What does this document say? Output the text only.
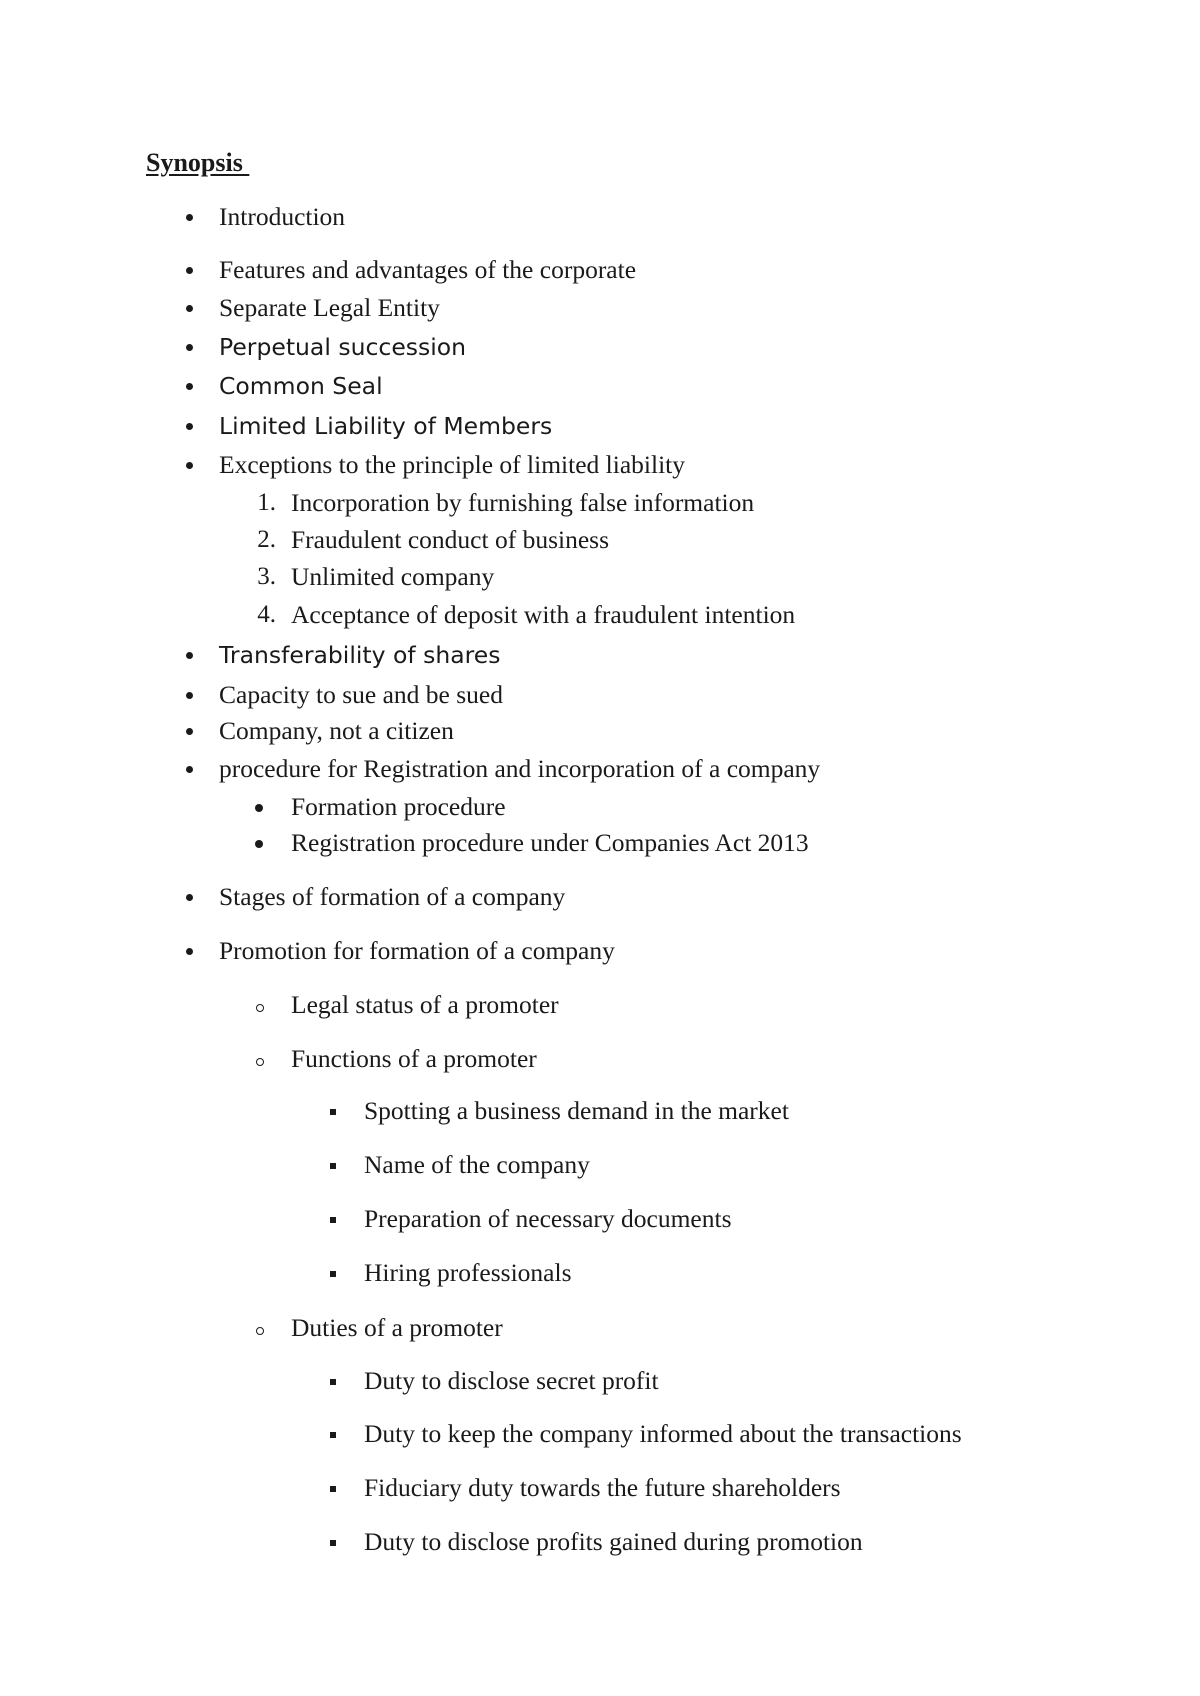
Synopsis
Introduction
Features and advantages of the corporate
Separate Legal Entity
Perpetual succession
Common Seal
Limited Liability of Members
Exceptions to the principle of limited liability
1. Incorporation by furnishing false information
2. Fraudulent conduct of business
3. Unlimited company
4. Acceptance of deposit with a fraudulent intention
Transferability of shares
Capacity to sue and be sued
Company, not a citizen
procedure for Registration and incorporation of a company
Formation procedure
Registration procedure under Companies Act 2013
Stages of formation of a company
Promotion for formation of a company
Legal status of a promoter
Functions of a promoter
Spotting a business demand in the market
Name of the company
Preparation of necessary documents
Hiring professionals
Duties of a promoter
Duty to disclose secret profit
Duty to keep the company informed about the transactions
Fiduciary duty towards the future shareholders
Duty to disclose profits gained during promotion
